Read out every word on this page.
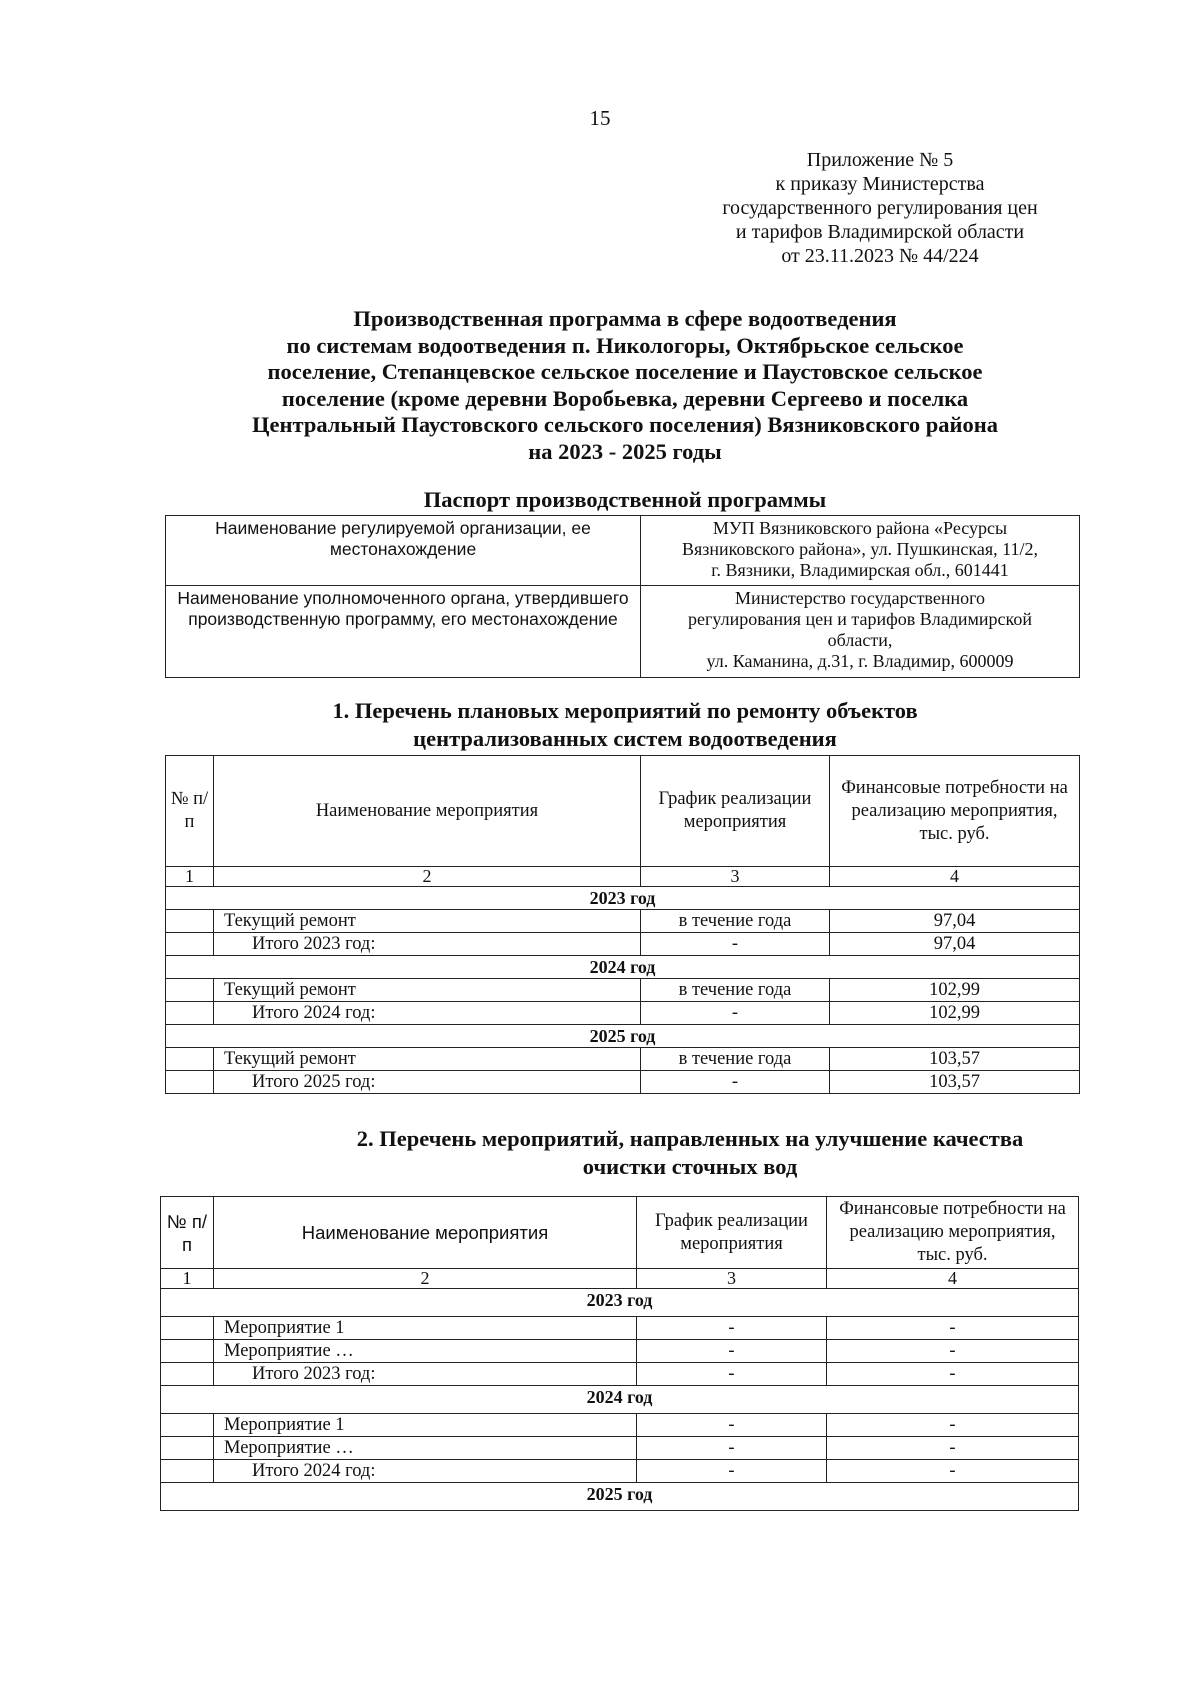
15
Приложение № 5
к приказу Министерства
государственного регулирования цен
и тарифов Владимирской области
от 23.11.2023 № 44/224
Производственная программа в сфере водоотведения
по системам водоотведения п. Никологоры, Октябрьское сельское
поселение, Степанцевское сельское поселение и Паустовское сельское
поселение (кроме деревни Воробьевка, деревни Сергеево и поселка
Центральный Паустовского сельского поселения) Вязниковского района
на 2023 - 2025 годы
Паспорт производственной программы
Наименование регулируемой организации, ее местонахождение	МУП Вязниковского района «Ресурсы
Вязниковского района», ул. Пушкинская, 11/2,
г. Вязники, Владимирская обл., 601441

Наименование уполномоченного органа, утвердившего производственную программу, его местонахождение	Министерство государственного
регулирования цен и тарифов Владимирской
области,
ул. Каманина, д.31, г. Владимир, 600009
1. Перечень плановых мероприятий по ремонту объектов
централизованных систем водоотведения
№ п/п	Наименование мероприятия	График реализации мероприятия	Финансовые потребности на реализацию мероприятия, тыс. руб.
1	2	3	4
2023 год			
	Текущий ремонт	в течение года	97,04
	Итого 2023 год:	-	97,04
2024 год			
	Текущий ремонт	в течение года	102,99
	Итого 2024 год:	-	102,99
2025 год			
	Текущий ремонт	в течение года	103,57
	Итого 2025 год:	-	103,57
2. Перечень мероприятий, направленных на улучшение качества
очистки сточных вод
№ п/п	Наименование мероприятия	График реализации мероприятия	Финансовые потребности на реализацию мероприятия, тыс. руб.
1	2	3	4
2023 год			
	Мероприятие 1	-	-
	Мероприятие …	-	-
	Итого 2023 год:	-	-
2024 год			
	Мероприятие 1	-	-
	Мероприятие …	-	-
	Итого 2024 год:	-	-
2025 год			
